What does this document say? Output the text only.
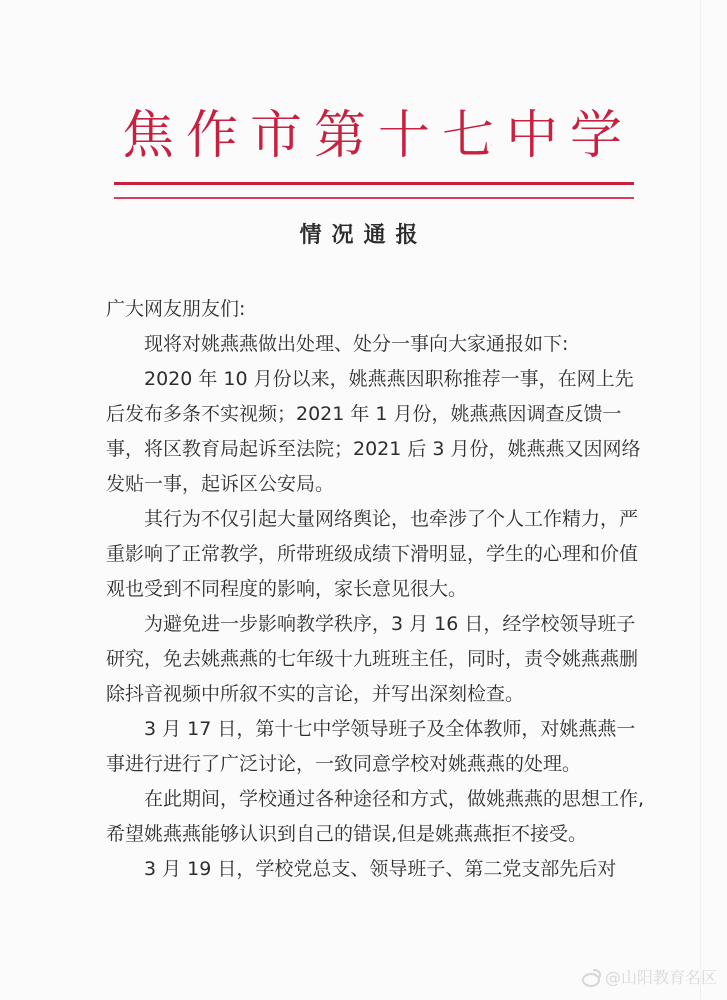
焦作市第十七中学
情况通报

广大网友朋友们:

现将对姚燕燕做出处理、处分一事向大家通报如下:

2020 年 10 月份以来，姚燕燕因职称推荐一事，在网上先后发布多条不实视频；2021 年 1 月份，姚燕燕因调查反馈一事，将区教育局起诉至法院；2021 后 3 月份，姚燕燕又因网络发贴一事，起诉区公安局。

其行为不仅引起大量网络舆论，也牵涉了个人工作精力，严重影响了正常教学，所带班级成绩下滑明显，学生的心理和价值观也受到不同程度的影响，家长意见很大。

为避免进一步影响教学秩序，3 月 16 日，经学校领导班子研究，免去姚燕燕的七年级十九班班主任，同时，责令姚燕燕删除抖音视频中所叙不实的言论，并写出深刻检查。

3 月 17 日，第十七中学领导班子及全体教师，对姚燕燕一事进行进行了广泛讨论，一致同意学校对姚燕燕的处理。

在此期间，学校通过各种途径和方式，做姚燕燕的思想工作,希望姚燕燕能够认识到自己的错误,但是姚燕燕拒不接受。

3 月 19 日，学校党总支、领导班子、第二党支部先后对

@山阳教育名区
